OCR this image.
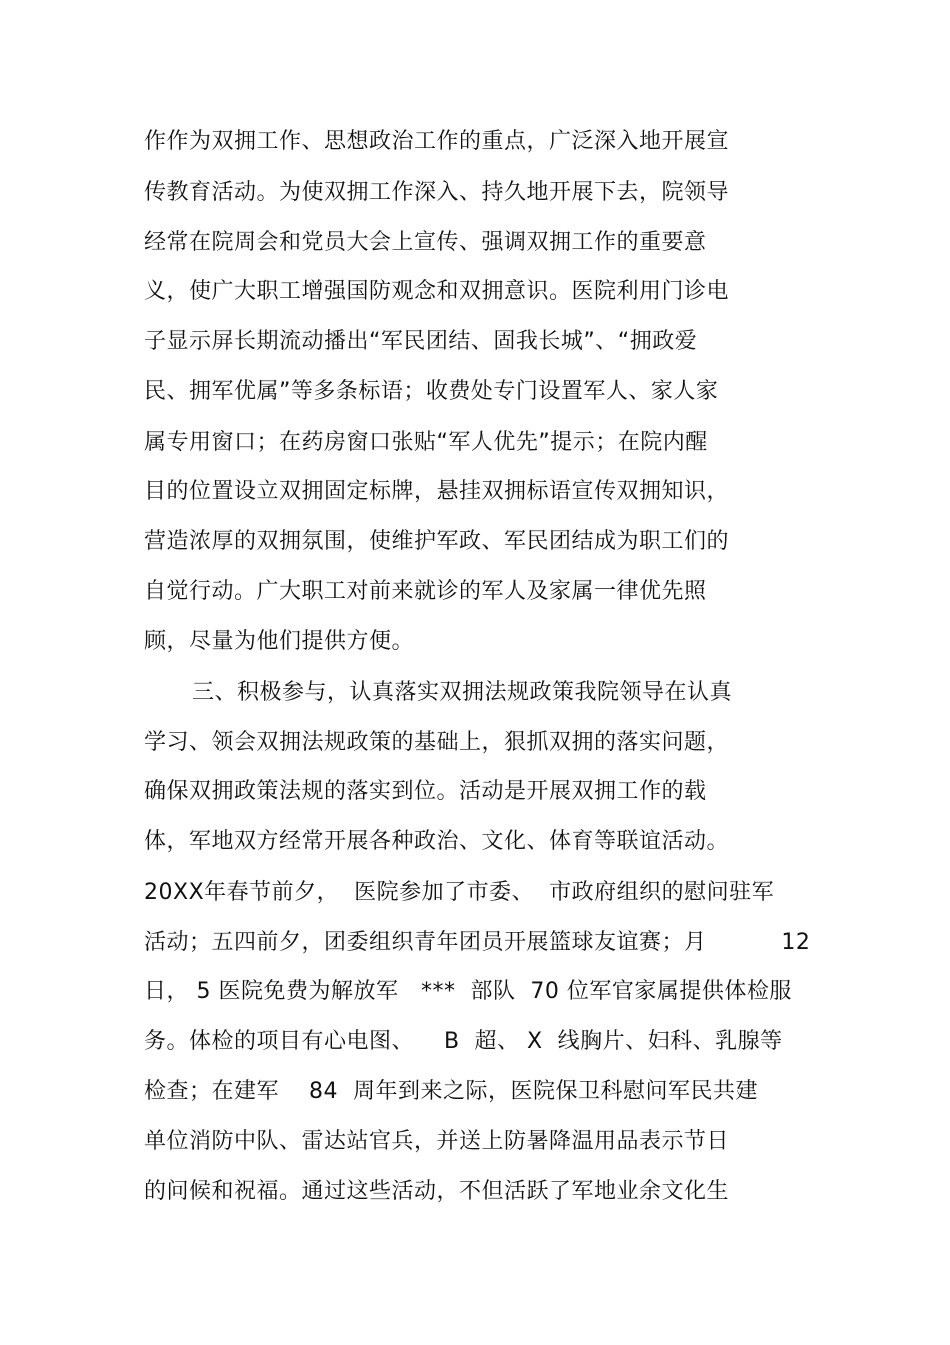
作作为双拥工作、思想政治工作的重点，广泛深入地开展宣
传教育活动。为使双拥工作深入、持久地开展下去，院领导
经常在院周会和党员大会上宣传、强调双拥工作的重要意
义，使广大职工增强国防观念和双拥意识。医院利用门诊电
子显示屏长期流动播出“军民团结、固我长城”、“拥政爱
民、拥军优属”等多条标语；收费处专门设置军人、家人家
属专用窗口；在药房窗口张贴“军人优先”提示；在院内醒
目的位置设立双拥固定标牌，悬挂双拥标语宣传双拥知识，
营造浓厚的双拥氛围，使维护军政、军民团结成为职工们的
自觉行动。广大职工对前来就诊的军人及家属一律优先照
顾，尽量为他们提供方便。
三、积极参与，认真落实双拥法规政策我院领导在认真
学习、领会双拥法规政策的基础上，狠抓双拥的落实问题，
确保双拥政策法规的落实到位。活动是开展双拥工作的载
体，军地双方经常开展各种政治、文化、体育等联谊活动。
20XX年春节前夕，  医院参加了市委、  市政府组织的慰问驻军
活动；五四前夕，团委组织青年团员开展篮球友谊赛；月          12
日， 5 医院免费为解放军   ***  部队  70 位军官家属提供体检服
务。体检的项目有心电图、    B  超、 X  线胸片、妇科、乳腺等
检查；在建军    84  周年到来之际，医院保卫科慰问军民共建
单位消防中队、雷达站官兵，并送上防暑降温用品表示节日
的问候和祝福。通过这些活动，不但活跃了军地业余文化生
